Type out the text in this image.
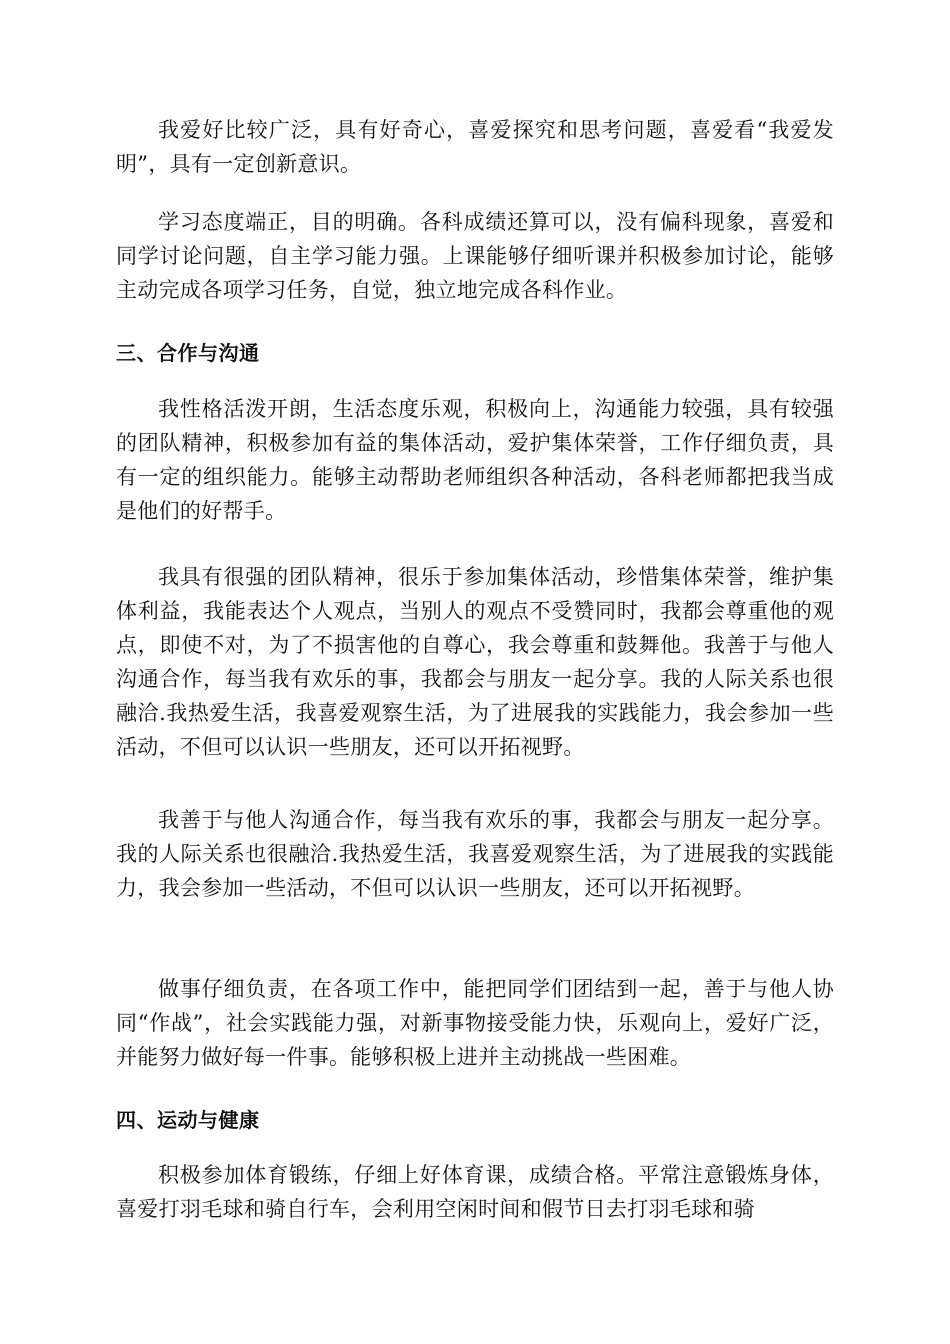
我爱好比较广泛，具有好奇心，喜爱探究和思考问题，喜爱看“我爱发明”，具有一定创新意识。

学习态度端正，目的明确。各科成绩还算可以，没有偏科现象，喜爱和同学讨论问题，自主学习能力强。上课能够仔细听课并积极参加讨论，能够主动完成各项学习任务，自觉，独立地完成各科作业。

三、合作与沟通

我性格活泼开朗，生活态度乐观，积极向上，沟通能力较强，具有较强的团队精神，积极参加有益的集体活动，爱护集体荣誉，工作仔细负责，具有一定的组织能力。能够主动帮助老师组织各种活动，各科老师都把我当成是他们的好帮手。

我具有很强的团队精神，很乐于参加集体活动，珍惜集体荣誉，维护集体利益，我能表达个人观点，当别人的观点不受赞同时，我都会尊重他的观点，即使不对，为了不损害他的自尊心，我会尊重和鼓舞他。我善于与他人沟通合作，每当我有欢乐的事，我都会与朋友一起分享。我的人际关系也很融洽.我热爱生活，我喜爱观察生活，为了进展我的实践能力，我会参加一些活动，不但可以认识一些朋友，还可以开拓视野。

我善于与他人沟通合作，每当我有欢乐的事，我都会与朋友一起分享。我的人际关系也很融洽.我热爱生活，我喜爱观察生活，为了进展我的实践能力，我会参加一些活动，不但可以认识一些朋友，还可以开拓视野。

做事仔细负责，在各项工作中，能把同学们团结到一起，善于与他人协同“作战”，社会实践能力强，对新事物接受能力快，乐观向上，爱好广泛，并能努力做好每一件事。能够积极上进并主动挑战一些困难。

四、运动与健康

积极参加体育锻练，仔细上好体育课，成绩合格。平常注意锻炼身体，喜爱打羽毛球和骑自行车，会利用空闲时间和假节日去打羽毛球和骑
